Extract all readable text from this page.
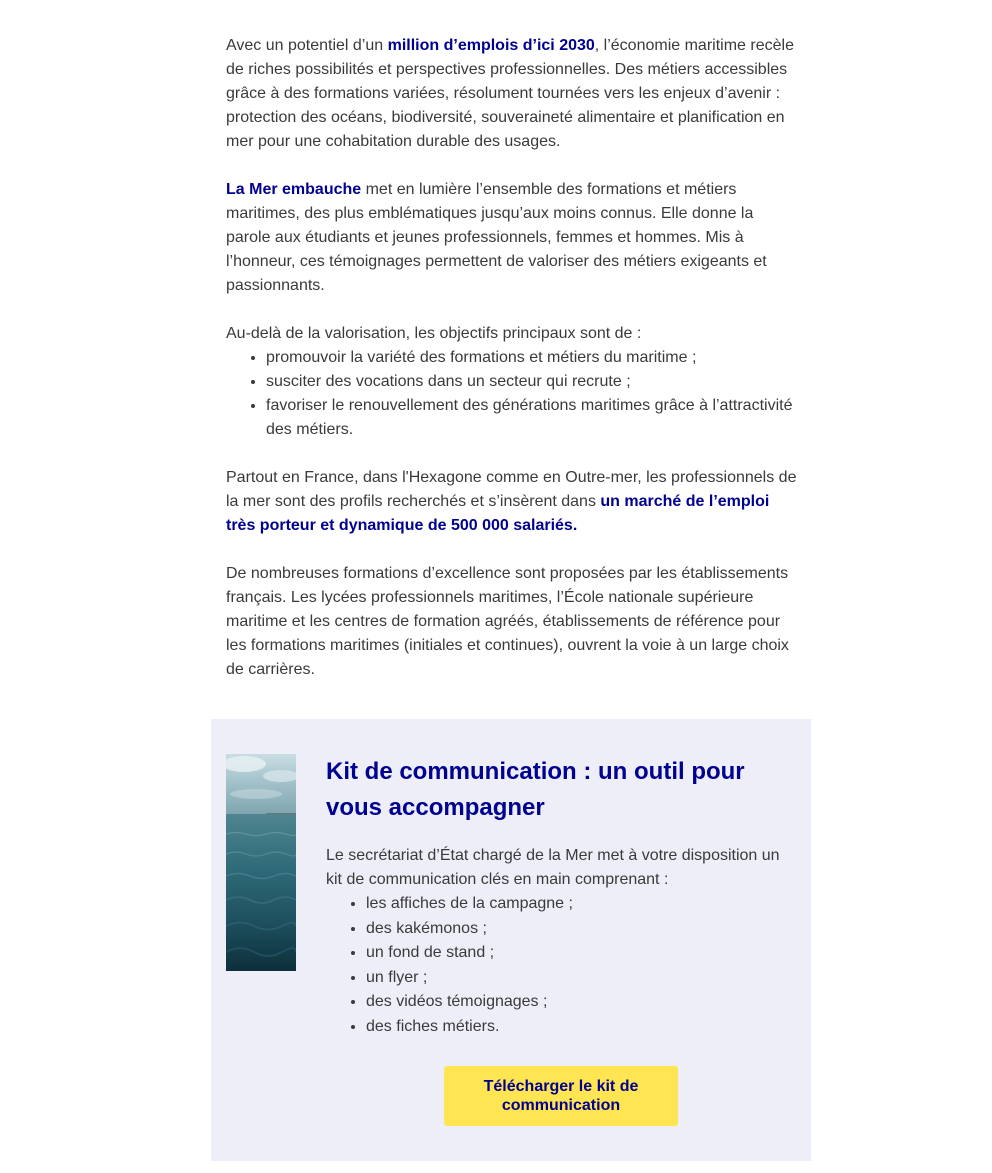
Avec un potentiel d’un million d’emplois d’ici 2030, l’économie maritime recèle de riches possibilités et perspectives professionnelles. Des métiers accessibles grâce à des formations variées, résolument tournées vers les enjeux d’avenir : protection des océans, biodiversité, souveraineté alimentaire et planification en mer pour une cohabitation durable des usages.

La Mer embauche met en lumière l’ensemble des formations et métiers maritimes, des plus emblématiques jusqu’aux moins connus. Elle donne la parole aux étudiants et jeunes professionnels, femmes et hommes. Mis à l’honneur, ces témoignages permettent de valoriser des métiers exigeants et passionnants.

Au-delà de la valorisation, les objectifs principaux sont de :
• promouvoir la variété des formations et métiers du maritime ;
• susciter des vocations dans un secteur qui recrute ;
• favoriser le renouvellement des générations maritimes grâce à l’attractivité des métiers.

Partout en France, dans l'Hexagone comme en Outre-mer, les professionnels de la mer sont des profils recherchés et s’insèrent dans un marché de l’emploi très porteur et dynamique de 500 000 salariés.

De nombreuses formations d’excellence sont proposées par les établissements français. Les lycées professionnels maritimes, l’École nationale supérieure maritime et les centres de formation agréés, établissements de référence pour les formations maritimes (initiales et continues), ouvrent la voie à un large choix de carrières.

Kit de communication : un outil pour vous accompagner

Le secrétariat d’État chargé de la Mer met à votre disposition un kit de communication clés en main comprenant :

• les affiches de la campagne ;
• des kakémonos ;
• un fond de stand ;
• un flyer ;
• des vidéos témoignages ;
• des fiches métiers.
Télécharger le kit de communication
